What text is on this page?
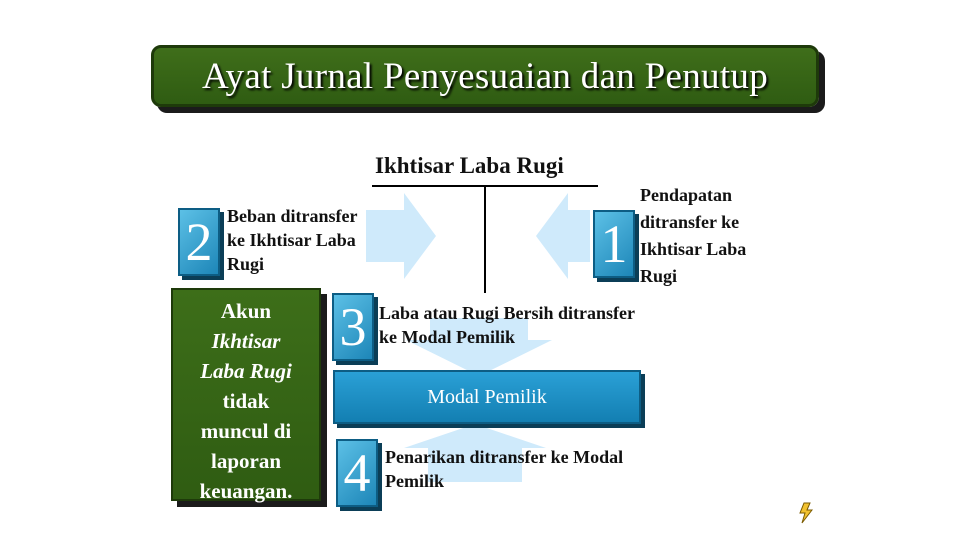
Ayat Jurnal Penyesuaian dan Penutup
Ikhtisar Laba Rugi
2 Beban ditransfer
ke Ikhtisar Laba
Rugi	1
Pendapatan
ditransfer ke
Ikhtisar Laba
Rugi
3 Laba atau Rugi Bersih ditransfer
ke Modal Pemilik
Modal Pemilik
4 Penarikan ditransfer ke Modal
Pemilik
Akun
Ikhtisar
Laba Rugi
tidak
muncul di
laporan
keuangan.
